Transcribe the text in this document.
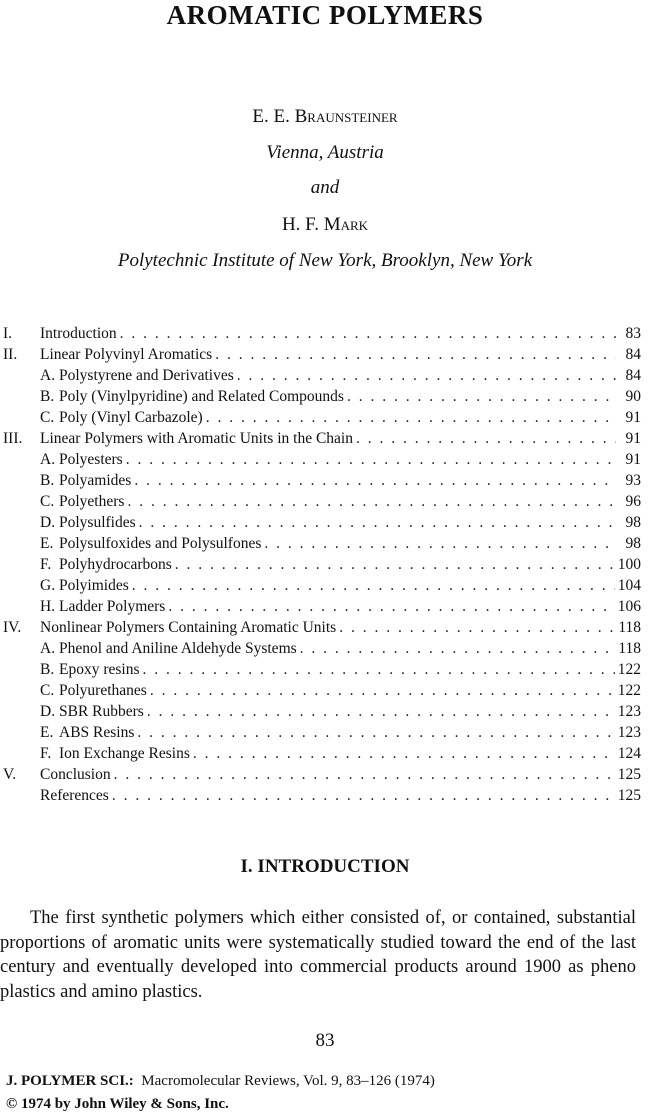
AROMATIC POLYMERS
E. E. Braunsteiner
Vienna, Austria
and
H. F. Mark
Polytechnic Institute of New York, Brooklyn, New York
I.	Introduction . . .	83
II.	Linear Polyvinyl Aromatics . . .	84
A. Polystyrene and Derivatives . . .	84
B. Poly (Vinylpyridine) and Related Compounds . . .	90
C. Poly (Vinyl Carbazole) . . .	91
III.	Linear Polymers with Aromatic Units in the Chain . . .	91
A. Polyesters . . .	91
B. Polyamides . . .	93
C. Polyethers . . .	96
D. Polysulfides . . .	98
E. Polysulfoxides and Polysulfones . . .	98
F. Polyhydrocarbons . . .	100
G. Polyimides . . .	104
H. Ladder Polymers . . .	106
IV.	Nonlinear Polymers Containing Aromatic Units . . .	118
A. Phenol and Aniline Aldehyde Systems . . .	118
B. Epoxy resins . . .	122
C. Polyurethanes . . .	122
D. SBR Rubbers . . .	123
E. ABS Resins . . .	123
F. Ion Exchange Resins . . .	124
V.	Conclusion . . .	125
References . . .	125
I. INTRODUCTION

The first synthetic polymers which either consisted of, or contained, substantial proportions of aromatic units were systematically studied toward the end of the last century and eventually developed into commercial products around 1900 as pheno plastics and amino plastics.

83
J. POLYMER SCI.: Macromolecular Reviews, Vol. 9, 83–126 (1974)
© 1974 by John Wiley & Sons, Inc.
